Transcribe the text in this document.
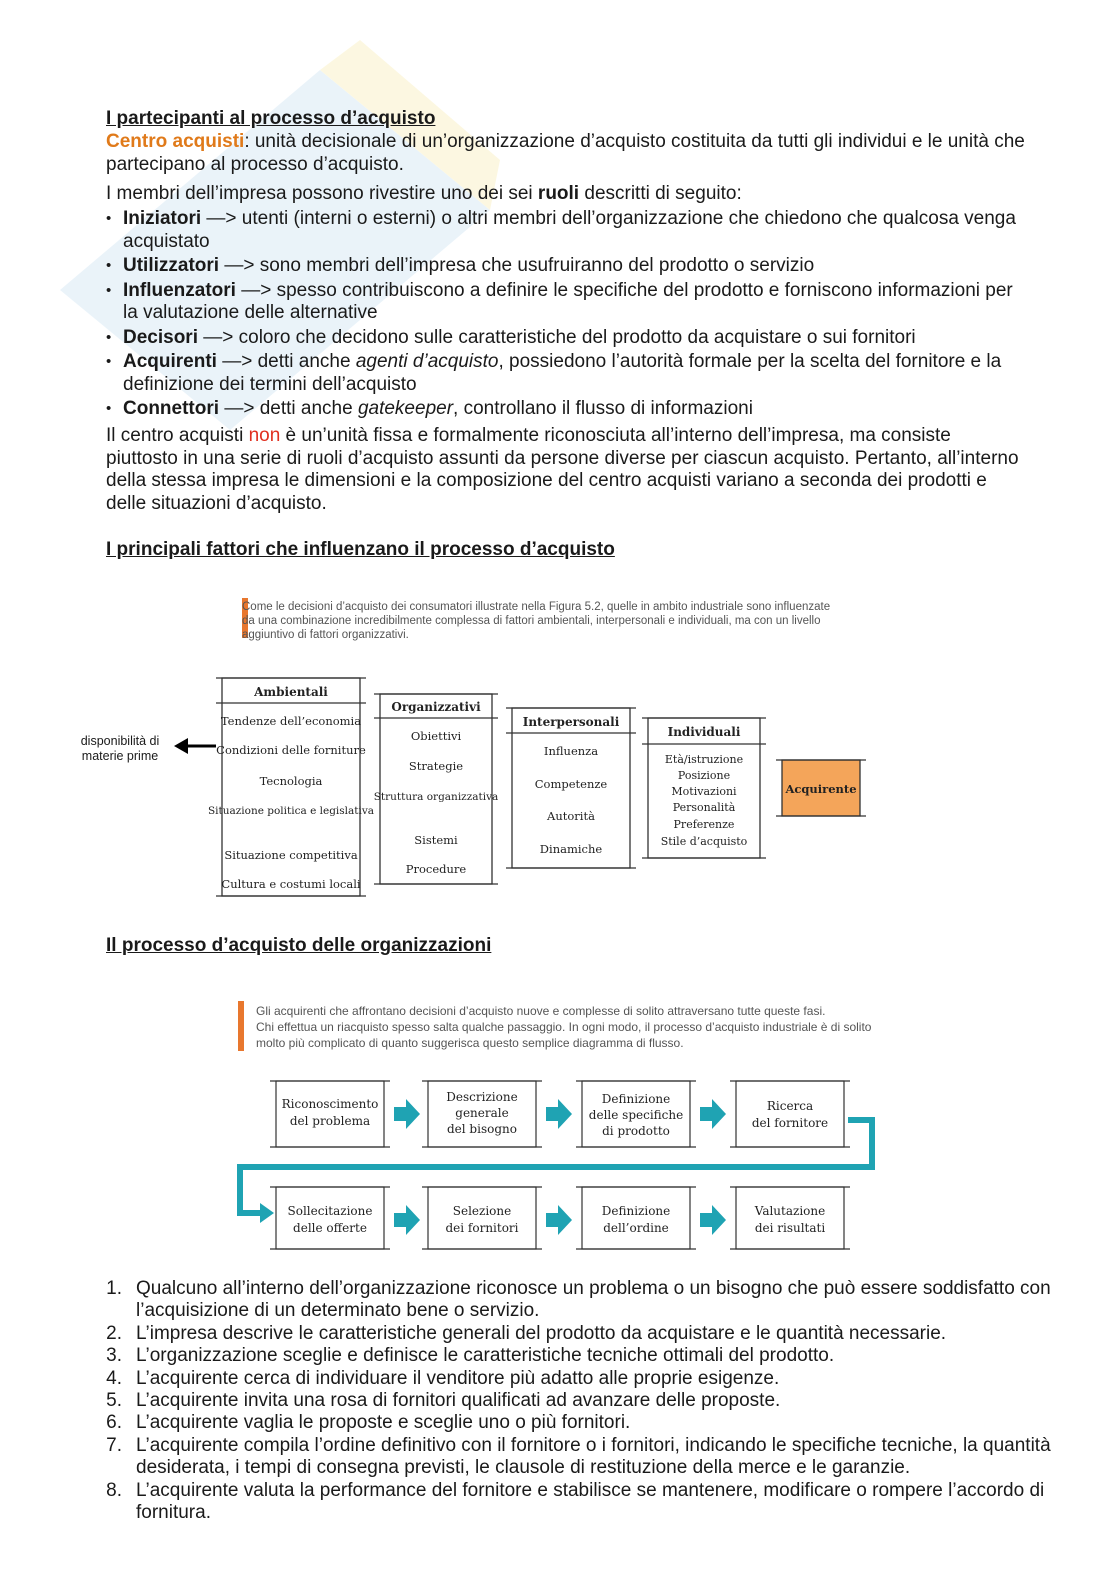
I partecipanti al processo d’acquisto
Centro acquisti: unità decisionale di un’organizzazione d’acquisto costituita da tutti gli individui e le unità che partecipano al processo d’acquisto.
I membri dell’impresa possono rivestire uno dei sei ruoli descritti di seguito:
• Iniziatori —> utenti (interni o esterni) o altri membri dell’organizzazione che chiedono che qualcosa venga acquistato
• Utilizzatori —> sono membri dell’impresa che usufruiranno del prodotto o servizio
• Influenzatori —> spesso contribuiscono a definire le specifiche del prodotto e forniscono informazioni per la valutazione delle alternative
• Decisori —> coloro che decidono sulle caratteristiche del prodotto da acquistare o sui fornitori
• Acquirenti —> detti anche agenti d’acquisto, possiedono l’autorità formale per la scelta del fornitore e la definizione dei termini dell’acquisto
• Connettori —> detti anche gatekeeper, controllano il flusso di informazioni
Il centro acquisti non è un’unità fissa e formalmente riconosciuta all’interno dell’impresa, ma consiste piuttosto in una serie di ruoli d’acquisto assunti da persone diverse per ciascun acquisto. Pertanto, all’interno della stessa impresa le dimensioni e la composizione del centro acquisti variano a seconda dei prodotti e delle situazioni d’acquisto.
I principali fattori che influenzano il processo d’acquisto
disponibilità di materie prime
Come le decisioni d’acquisto dei consumatori illustrate nella Figura 5.2, quelle in ambito industriale sono influenzate
da una combinazione incredibilmente complessa di fattori ambientali, interpersonali e individuali, ma con un livello
aggiuntivo di fattori organizzativi.
Ambientali
Tendenze dell’economia
Condizioni delle forniture
Tecnologia
Situazione politica e legislativa
Situazione competitiva
Cultura e costumi locali
Organizzativi
Obiettivi
Strategie
Struttura organizzativa
Sistemi
Procedure
Interpersonali
Influenza
Competenze
Autorità
Dinamiche
Individuali
Età/istruzione
Posizione
Motivazioni
Personalità
Preferenze
Stile d’acquisto
Acquirente
Il processo d’acquisto delle organizzazioni
Gli acquirenti che affrontano decisioni d’acquisto nuove e complesse di solito attraversano tutte queste fasi.
Chi effettua un riacquisto spesso salta qualche passaggio. In ogni modo, il processo d’acquisto industriale è di solito
molto più complicato di quanto suggerisca questo semplice diagramma di flusso.
Riconoscimento
del problema
Descrizione
generale
del bisogno
Definizione
delle specifiche
di prodotto
Ricerca
del fornitore
Sollecitazione
delle offerte
Selezione
dei fornitori
Definizione
dell’ordine
Valutazione
dei risultati
1. Qualcuno all’interno dell’organizzazione riconosce un problema o un bisogno che può essere soddisfatto con l’acquisizione di un determinato bene o servizio.
2. L’impresa descrive le caratteristiche generali del prodotto da acquistare e le quantità necessarie.
3. L’organizzazione sceglie e definisce le caratteristiche tecniche ottimali del prodotto.
4. L’acquirente cerca di individuare il venditore più adatto alle proprie esigenze.
5. L’acquirente invita una rosa di fornitori qualificati ad avanzare delle proposte.
6. L’acquirente vaglia le proposte e sceglie uno o più fornitori.
7. L’acquirente compila l’ordine definitivo con il fornitore o i fornitori, indicando le specifiche tecniche, la quantità desiderata, i tempi di consegna previsti, le clausole di restituzione della merce e le garanzie.
8. L’acquirente valuta la performance del fornitore e stabilisce se mantenere, modificare o rompere l’accordo di fornitura.
